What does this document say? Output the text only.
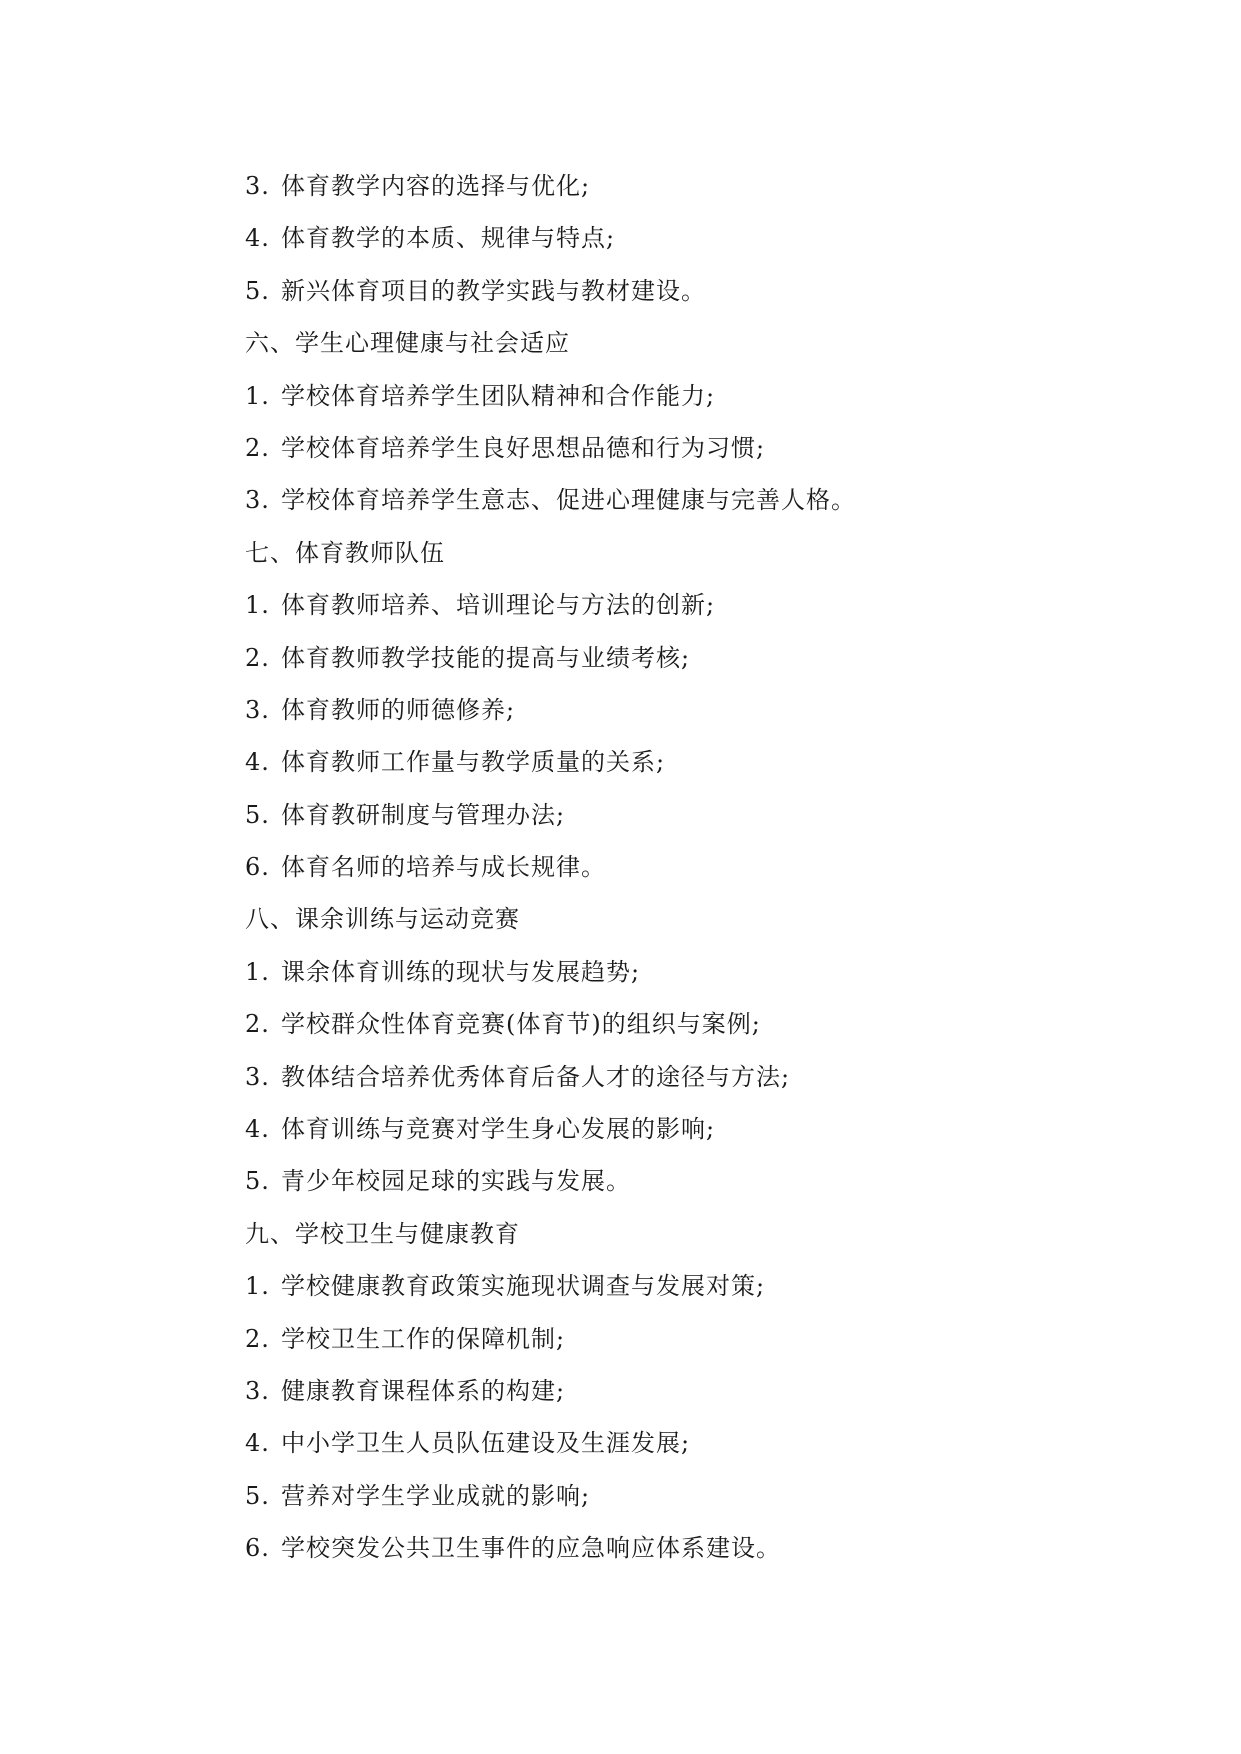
3. 体育教学内容的选择与优化;
4. 体育教学的本质、规律与特点;
5. 新兴体育项目的教学实践与教材建设。
六、学生心理健康与社会适应
1. 学校体育培养学生团队精神和合作能力;
2. 学校体育培养学生良好思想品德和行为习惯;
3. 学校体育培养学生意志、促进心理健康与完善人格。
七、体育教师队伍
1. 体育教师培养、培训理论与方法的创新;
2. 体育教师教学技能的提高与业绩考核;
3. 体育教师的师德修养;
4. 体育教师工作量与教学质量的关系;
5. 体育教研制度与管理办法;
6. 体育名师的培养与成长规律。
八、课余训练与运动竞赛
1. 课余体育训练的现状与发展趋势;
2. 学校群众性体育竞赛(体育节)的组织与案例;
3. 教体结合培养优秀体育后备人才的途径与方法;
4. 体育训练与竞赛对学生身心发展的影响;
5. 青少年校园足球的实践与发展。
九、学校卫生与健康教育
1. 学校健康教育政策实施现状调查与发展对策;
2. 学校卫生工作的保障机制;
3. 健康教育课程体系的构建;
4. 中小学卫生人员队伍建设及生涯发展;
5. 营养对学生学业成就的影响;
6. 学校突发公共卫生事件的应急响应体系建设。
